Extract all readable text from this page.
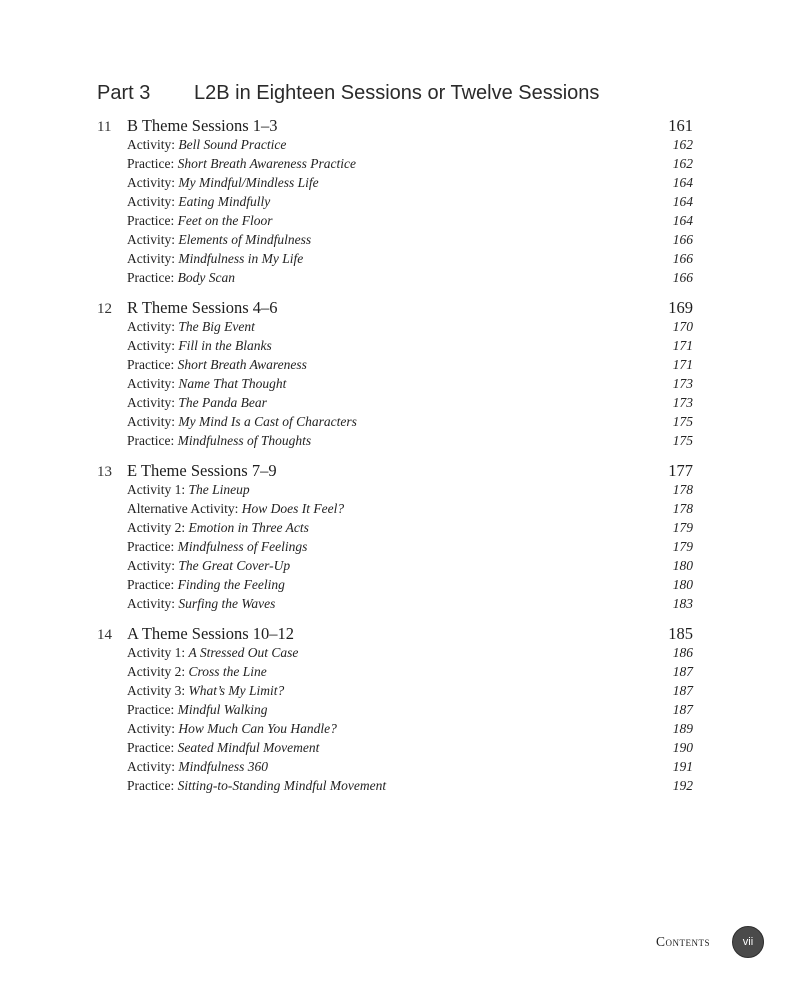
Part 3	L2B in Eighteen Sessions or Twelve Sessions
11 B Theme Sessions 1–3	161
Activity: Bell Sound Practice	162
Practice: Short Breath Awareness Practice	162
Activity: My Mindful/Mindless Life	164
Activity: Eating Mindfully	164
Practice: Feet on the Floor	164
Activity: Elements of Mindfulness	166
Activity: Mindfulness in My Life	166
Practice: Body Scan	166
12 R Theme Sessions 4–6	169
Activity: The Big Event	170
Activity: Fill in the Blanks	171
Practice: Short Breath Awareness	171
Activity: Name That Thought	173
Activity: The Panda Bear	173
Activity: My Mind Is a Cast of Characters	175
Practice: Mindfulness of Thoughts	175
13 E Theme Sessions 7–9	177
Activity 1: The Lineup	178
Alternative Activity: How Does It Feel?	178
Activity 2: Emotion in Three Acts	179
Practice: Mindfulness of Feelings	179
Activity: The Great Cover-Up	180
Practice: Finding the Feeling	180
Activity: Surfing the Waves	183
14 A Theme Sessions 10–12	185
Activity 1: A Stressed Out Case	186
Activity 2: Cross the Line	187
Activity 3: What’s My Limit?	187
Practice: Mindful Walking	187
Activity: How Much Can You Handle?	189
Practice: Seated Mindful Movement	190
Activity: Mindfulness 360	191
Practice: Sitting-to-Standing Mindful Movement	192
Contents	vii
